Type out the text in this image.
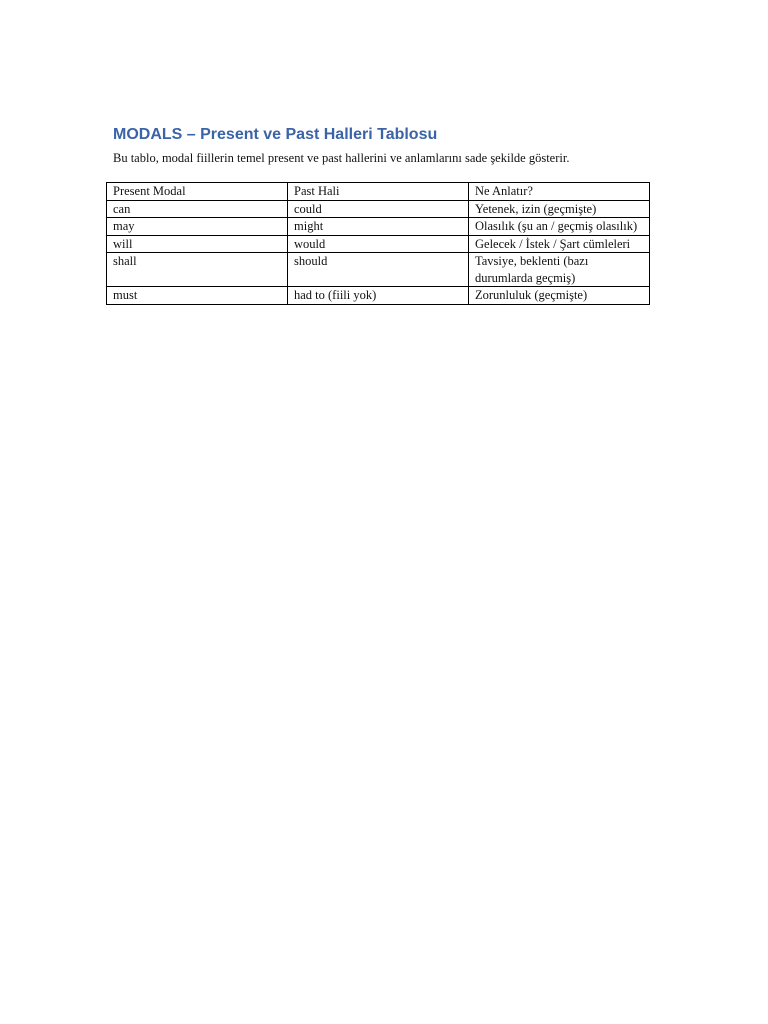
MODALS – Present ve Past Halleri Tablosu

Bu tablo, modal fiillerin temel present ve past hallerini ve anlamlarını sade şekilde gösterir.

Present Modal	Past Hali	Ne Anlatır?
can	could	Yetenek, izin (geçmişte)

may	might	Olasılık (şu an / geçmiş olasılık)

will	would	Gelecek / İstek / Şart cümleleri

shall	should	Tavsiye, beklenti (bazı
durumlarda geçmiş)

must	had to (fiili yok)	Zorunluluk (geçmişte)
